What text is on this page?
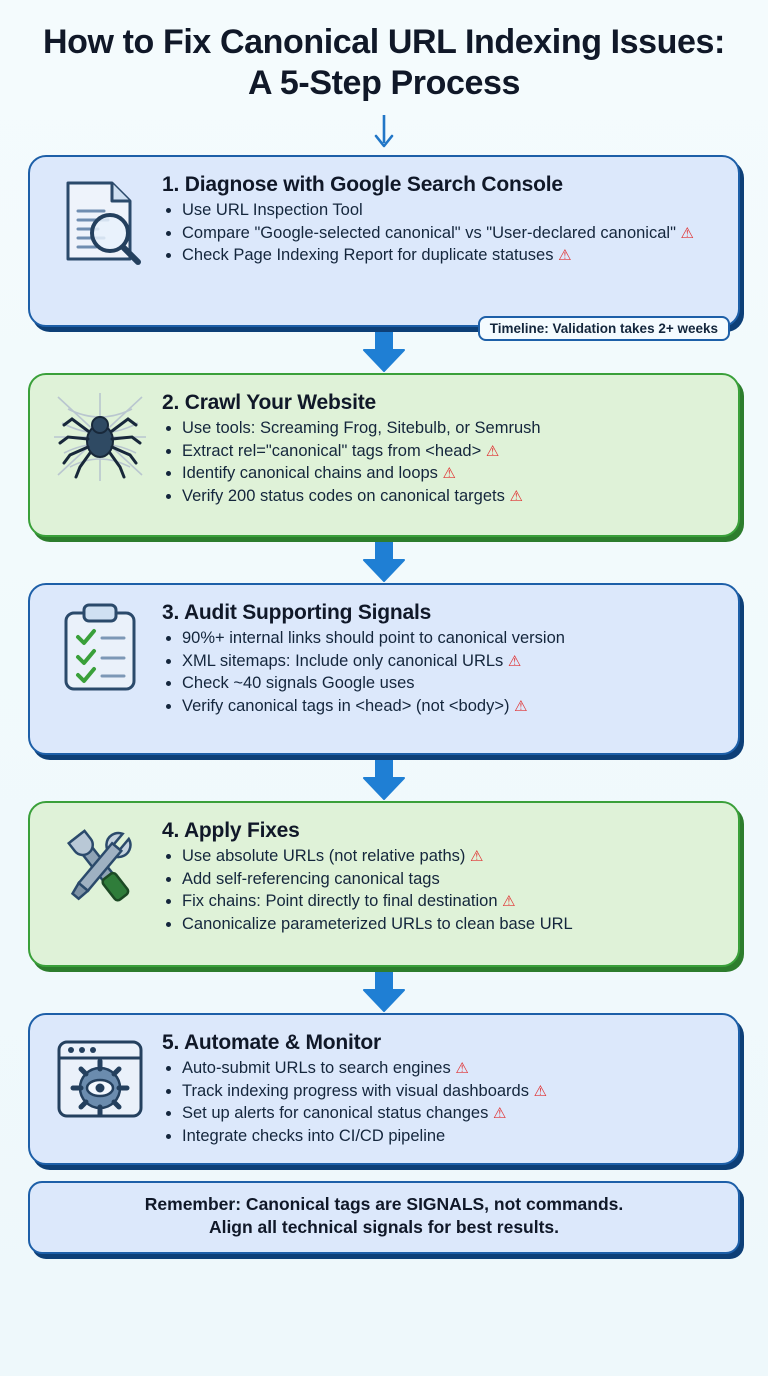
How to Fix Canonical URL Indexing Issues: A 5-Step Process
1. Diagnose with Google Search Console
• Use URL Inspection Tool
• Compare "Google-selected canonical" vs "User-declared canonical" ⚠
• Check Page Indexing Report for duplicate statuses ⚠
Timeline: Validation takes 2+ weeks
2. Crawl Your Website
• Use tools: Screaming Frog, Sitebulb, or Semrush
• Extract rel="canonical" tags from <head> ⚠
• Identify canonical chains and loops ⚠
• Verify 200 status codes on canonical targets ⚠
3. Audit Supporting Signals
• 90%+ internal links should point to canonical version
• XML sitemaps: Include only canonical URLs ⚠
• Check ~40 signals Google uses
• Verify canonical tags in <head> (not <body>) ⚠
4. Apply Fixes
• Use absolute URLs (not relative paths) ⚠
• Add self-referencing canonical tags
• Fix chains: Point directly to final destination ⚠
• Canonicalize parameterized URLs to clean base URL
5. Automate & Monitor
• Auto-submit URLs to search engines ⚠
• Track indexing progress with visual dashboards ⚠
• Set up alerts for canonical status changes ⚠
• Integrate checks into CI/CD pipeline

Remember: Canonical tags are SIGNALS, not commands.

Align all technical signals for best results.
